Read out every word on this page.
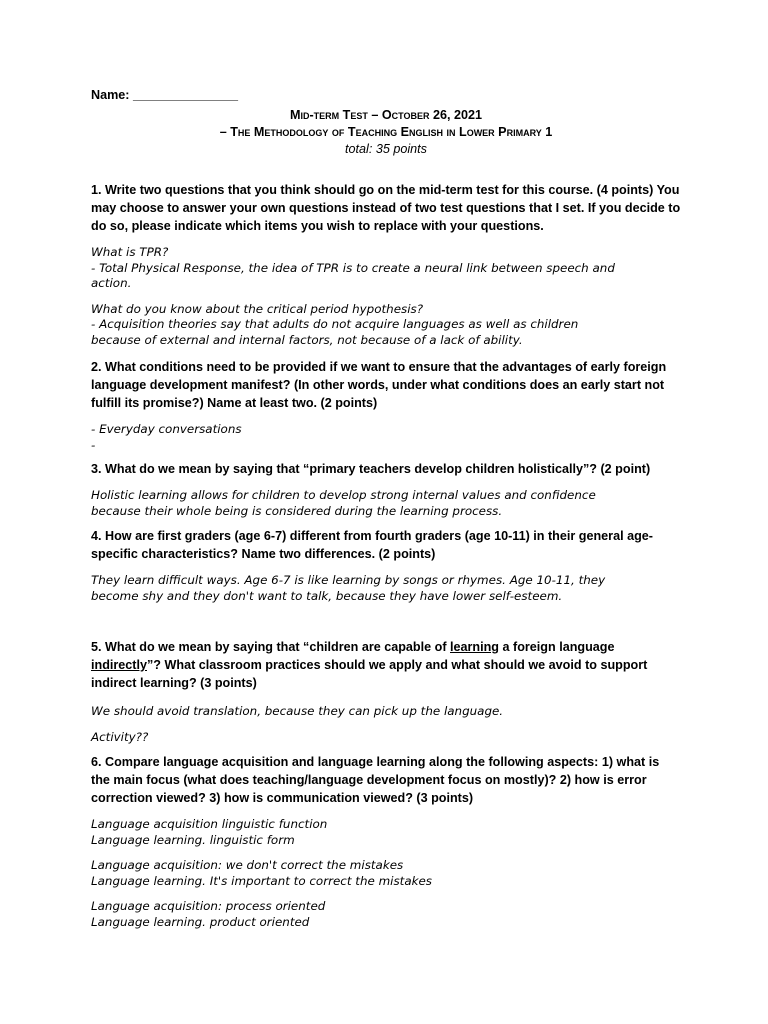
Name: _______________
Mid-term Test – October 26, 2021
– The Methodology of Teaching English in Lower Primary 1
total: 35 points

1. Write two questions that you think should go on the mid-term test for this course. (4 points) You may choose to answer your own questions instead of two test questions that I set. If you decide to do so, please indicate which items you wish to replace with your questions.

What is TPR?
- Total Physical Response, the idea of TPR is to create a neural link between speech and
action.
What do you know about the critical period hypothesis?
- Acquisition theories say that adults do not acquire languages as well as children
because of external and internal factors, not because of a lack of ability.

2. What conditions need to be provided if we want to ensure that the advantages of early foreign language development manifest? (In other words, under what conditions does an early start not fulfill its promise?) Name at least two. (2 points)

- Everyday conversations
-

3. What do we mean by saying that “primary teachers develop children holistically”? (2 point)

Holistic learning allows for children to develop strong internal values and confidence
because their whole being is considered during the learning process.

4. How are first graders (age 6-7) different from fourth graders (age 10-11) in their general age-specific characteristics? Name two differences. (2 points)

They learn difficult ways. Age 6-7 is like learning by songs or rhymes. Age 10-11, they
become shy and they don't want to talk, because they have lower self-esteem.

5. What do we mean by saying that “children are capable of learning a foreign language indirectly”? What classroom practices should we apply and what should we avoid to support indirect learning? (3 points)

We should avoid translation, because they can pick up the language.
Activity??

6. Compare language acquisition and language learning along the following aspects: 1) what is the main focus (what does teaching/language development focus on mostly)? 2) how is error correction viewed? 3) how is communication viewed? (3 points)

Language acquisition linguistic function
Language learning. linguistic form
Language acquisition: we don't correct the mistakes
Language learning. It's important to correct the mistakes
Language acquisition: process oriented
Language learning. product oriented
